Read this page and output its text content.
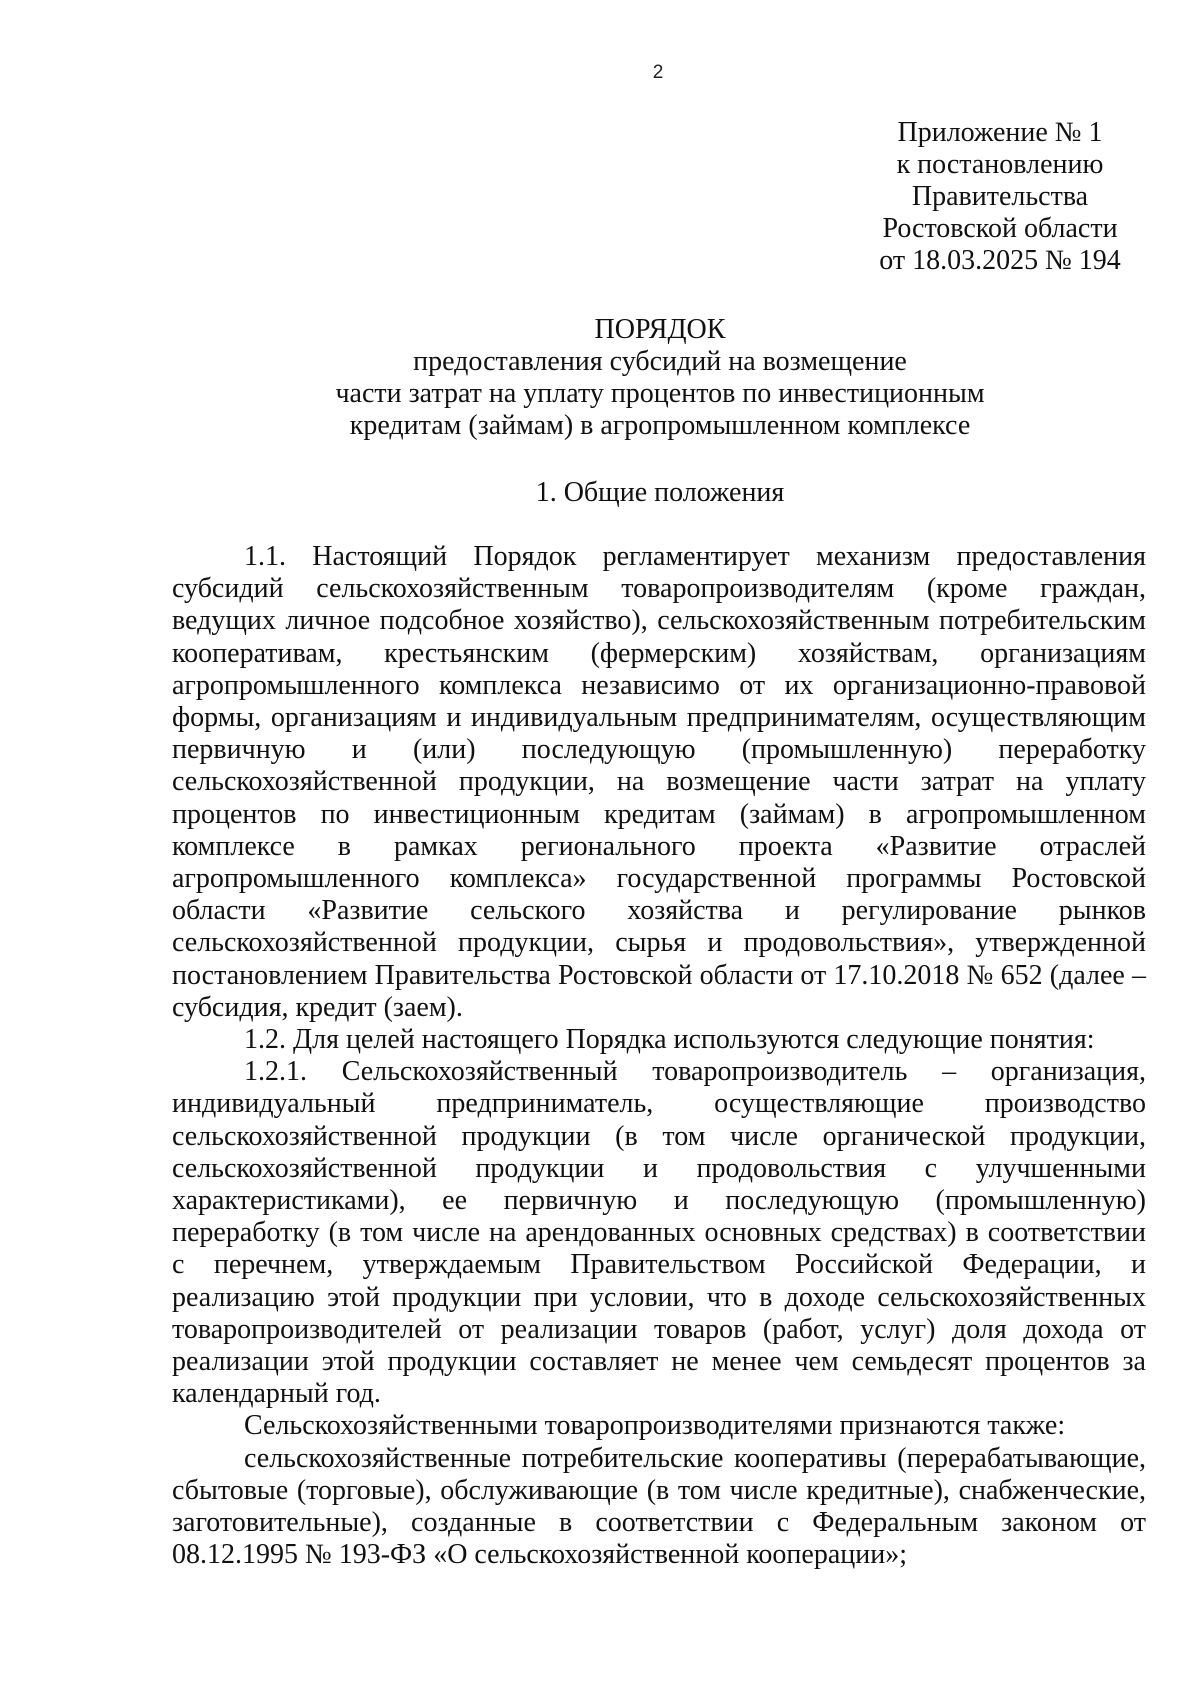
2
Приложение № 1
к постановлению
Правительства
Ростовской области
от 18.03.2025 № 194
ПОРЯДОК
предоставления субсидий на возмещение
части затрат на уплату процентов по инвестиционным
кредитам (займам) в агропромышленном комплексе
1. Общие положения

1.1. Настоящий Порядок регламентирует механизм предоставления субсидий сельскохозяйственным товаропроизводителям (кроме граждан, ведущих личное подсобное хозяйство), сельскохозяйственным потребительским кооперативам, крестьянским (фермерским) хозяйствам, организациям агропромышленного комплекса независимо от их организационно-правовой формы, организациям и индивидуальным предпринимателям, осуществляющим первичную и (или) последующую (промышленную) переработку сельскохозяйственной продукции, на возмещение части затрат на уплату процентов по инвестиционным кредитам (займам) в агропромышленном комплексе в рамках регионального проекта «Развитие отраслей агропромышленного комплекса» государственной программы Ростовской области «Развитие сельского хозяйства и регулирование рынков сельскохозяйственной продукции, сырья и продовольствия», утвержденной постановлением Правительства Ростовской области от 17.10.2018 № 652 (далее – субсидия, кредит (заем).

1.2. Для целей настоящего Порядка используются следующие понятия:

1.2.1. Сельскохозяйственный товаропроизводитель – организация, индивидуальный предприниматель, осуществляющие производство сельскохозяйственной продукции (в том числе органической продукции, сельскохозяйственной продукции и продовольствия с улучшенными характеристиками), ее первичную и последующую (промышленную) переработку (в том числе на арендованных основных средствах) в соответствии с перечнем, утверждаемым Правительством Российской Федерации, и реализацию этой продукции при условии, что в доходе сельскохозяйственных товаропроизводителей от реализации товаров (работ, услуг) доля дохода от реализации этой продукции составляет не менее чем семьдесят процентов за календарный год.

Сельскохозяйственными товаропроизводителями признаются также:

сельскохозяйственные потребительские кооперативы (перерабатывающие, сбытовые (торговые), обслуживающие (в том числе кредитные), снабженческие, заготовительные), созданные в соответствии с Федеральным законом от 08.12.1995 № 193-ФЗ «О сельскохозяйственной кооперации»;
